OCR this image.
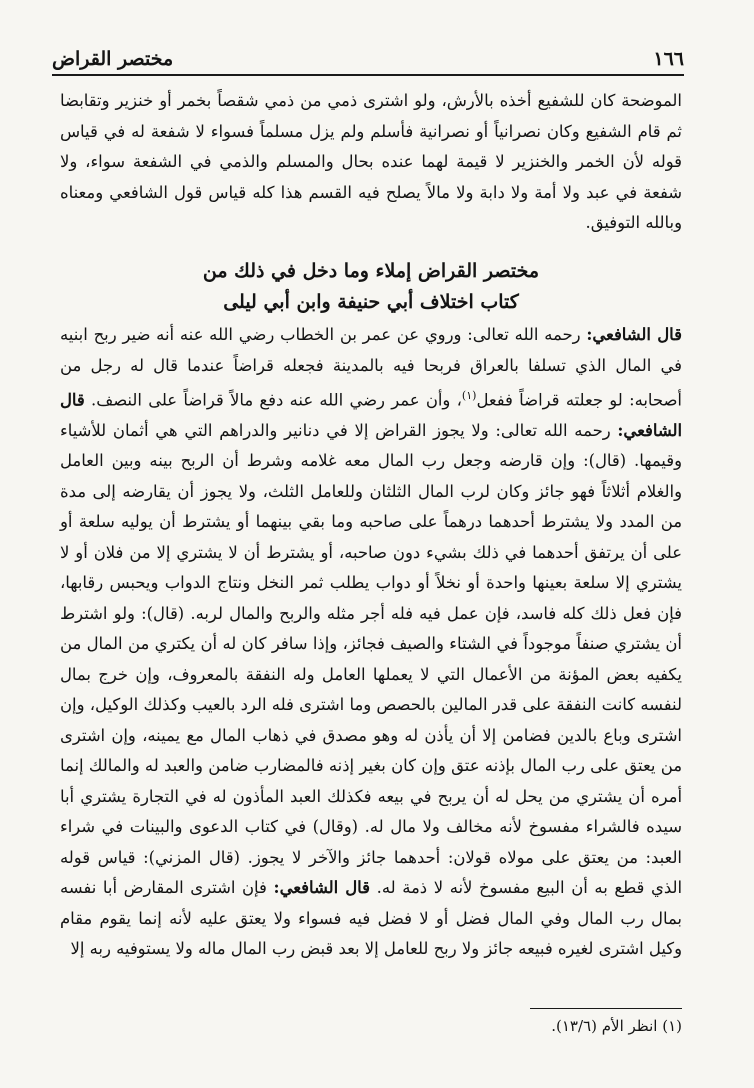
١٦٦
مختصر القراض

الموضحة كان للشفيع أخذه بالأرش، ولو اشترى ذمي من ذمي شقصاً بخمر أو خنزير وتقابضا ثم قام الشفيع وكان نصرانياً أو نصرانية فأسلم ولم يزل مسلماً فسواء لا شفعة له في قياس قوله لأن الخمر والخنزير لا قيمة لهما عنده بحال والمسلم والذمي في الشفعة سواء، ولا شفعة في عبد ولا أمة ولا دابة ولا مالاً يصلح فيه القسم هذا كله قياس قول الشافعي ومعناه وبالله التوفيق.

مختصر القراض إملاء وما دخل في ذلك من
كتاب اختلاف أبي حنيفة وابن أبي ليلى

قال الشافعي: رحمه الله تعالى: وروي عن عمر بن الخطاب رضي الله عنه أنه ضير ربح ابنيه في المال الذي تسلفا بالعراق فربحا فيه بالمدينة فجعله قراضاً عندما قال له رجل من أصحابه: لو جعلته قراضاً ففعل$^{(١)}$، وأن عمر رضي الله عنه دفع مالاً قراضاً على النصف. قال الشافعي: رحمه الله تعالى: ولا يجوز القراض إلا في دنانير والدراهم التي هي أثمان للأشياء وقيمها. (قال): وإن قارضه وجعل رب المال معه غلامه وشرط أن الربح بينه وبين العامل والغلام أثلاثاً فهو جائز وكان لرب المال الثلثان وللعامل الثلث، ولا يجوز أن يقارضه إلى مدة من المدد ولا يشترط أحدهما درهماً على صاحبه وما بقي بينهما أو يشترط أن يوليه سلعة أو على أن يرتفق أحدهما في ذلك بشيء دون صاحبه، أو يشترط أن لا يشتري إلا من فلان أو لا يشتري إلا سلعة بعينها واحدة أو نخلاً أو دواب يطلب ثمر النخل ونتاج الدواب ويحبس رقابها، فإن فعل ذلك كله فاسد، فإن عمل فيه فله أجر مثله والربح والمال لربه. (قال): ولو اشترط أن يشتري صنفاً موجوداً في الشتاء والصيف فجائز، وإذا سافر كان له أن يكتري من المال من يكفيه بعض المؤنة من الأعمال التي لا يعملها العامل وله النفقة بالمعروف، وإن خرج بمال لنفسه كانت النفقة على قدر المالين بالحصص وما اشترى فله الرد بالعيب وكذلك الوكيل، وإن اشترى وباع بالدين فضامن إلا أن يأذن له وهو مصدق في ذهاب المال مع يمينه، وإن اشترى من يعتق على رب المال بإذنه عتق وإن كان بغير إذنه فالمضارب ضامن والعبد له والمالك إنما أمره أن يشتري من يحل له أن يربح في بيعه فكذلك العبد المأذون له في التجارة يشتري أبا سيده فالشراء مفسوخ لأنه مخالف ولا مال له. (وقال) في كتاب الدعوى والبينات في شراء العبد: من يعتق على مولاه قولان: أحدهما جائز والآخر لا يجوز. (قال المزني): قياس قوله الذي قطع به أن البيع مفسوخ لأنه لا ذمة له. قال الشافعي: فإن اشترى المقارض أبا نفسه بمال رب المال وفي المال فضل أو لا فضل فيه فسواء ولا يعتق عليه لأنه إنما يقوم مقام وكيل اشترى لغيره فبيعه جائز ولا ربح للعامل إلا بعد قبض رب المال ماله ولا يستوفيه ربه إلا

(١) انظر الأم (١٣/٦).
